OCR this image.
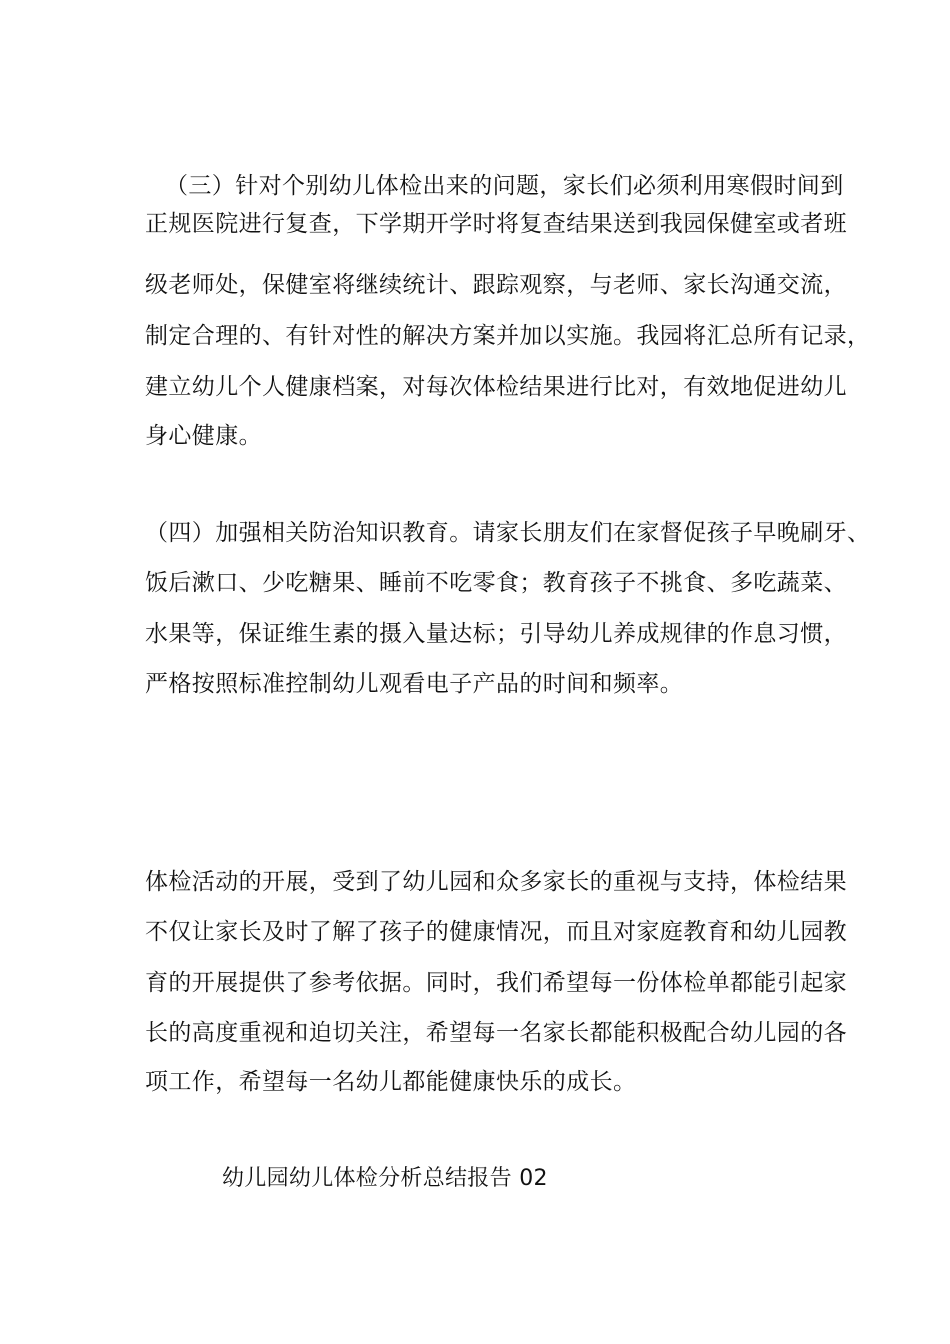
（三）针对个别幼儿体检出来的问题，家长们必须利用寒假时间到
正规医院进行复查，下学期开学时将复查结果送到我园保健室或者班
级老师处，保健室将继续统计、跟踪观察，与老师、家长沟通交流，
制定合理的、有针对性的解决方案并加以实施。我园将汇总所有记录，
建立幼儿个人健康档案，对每次体检结果进行比对，有效地促进幼儿
身心健康。
（四）加强相关防治知识教育。请家长朋友们在家督促孩子早晚刷牙、
饭后漱口、少吃糖果、睡前不吃零食；教育孩子不挑食、多吃蔬菜、
水果等，保证维生素的摄入量达标；引导幼儿养成规律的作息习惯，
严格按照标准控制幼儿观看电子产品的时间和频率。
体检活动的开展，受到了幼儿园和众多家长的重视与支持，体检结果
不仅让家长及时了解了孩子的健康情况，而且对家庭教育和幼儿园教
育的开展提供了参考依据。同时，我们希望每一份体检单都能引起家
长的高度重视和迫切关注，希望每一名家长都能积极配合幼儿园的各
项工作，希望每一名幼儿都能健康快乐的成长。
幼儿园幼儿体检分析总结报告 02
